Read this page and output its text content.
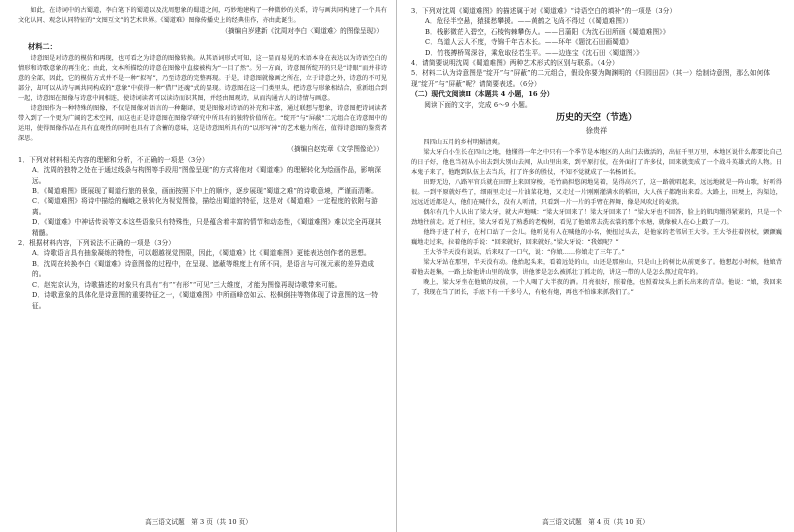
如此，在诗词中的古蜀道，李白笔下的蜀道以及沈周想象的蜀道之间，巧妙地建构了一种微妙的关系，诗与画共同构建了一个具有文化认同、观念认同特征的“文图互文”的艺术世界。《蜀道难》图像传播史上的经典佳作，亦由此诞生。

（摘编自岁建新《沈周对李白〈蜀道难〉的图像呈现》）

材料二：

诗意图是对诗意的模仿和再现，也可看之为诗意的图像转换。从其语词形式可知，这一显而易见的术语本身在表达以为诗语空白的情形和诗歌意象的再生化；由此，文本所描绘的诗意在图像中直接被构为“一目了然”。另一方面，诗意图所绽开的只是“诗眼”而并非诗意的全部，因此，它的模仿方式并不是一种“拟写”，乃至诗意的完整再现。于是，诗意图就像画之所在，立于诗意之外，诗意的不可见部分，却可以从诗与画共同构成的“意象”中获得一种“借尸还魂”式的显现。诗意图在这一门类里头，把诗意与形象相结合，重新组合到一起，诗意图在图像与诗意中间相连，使诗词读者可以读诗而识其图，并经由图观诗，从而沟通古人的诗情与画意。

诗意图作为一种特殊的图像，不仅是图像对语言的一种翻译，更是图像对诗语的补充和丰富，通过联想与想象，诗意图把诗词读者带入到了一个更为广阔的艺术空间，而这也正是诗意图在图像学研究中所具有的独特价值所在。“绽开”与“屏蔽”二元组合在诗意图中的运用，使得图像作品在具有直观性的同时也具有了含蓄的意味，这是诗意图所具有的“以形写神”的艺术魅力所在，值得诗意图的鉴赏者深思。

（摘编自赵宪章《文学图像论》）

1．下列对材料相关内容的理解和分析，不正确的一项是（3分）

A．沈周的独特之处在于通过线条与构图等手段用“图像呈现”的方式将他对《蜀道难》的理解转化为绘画作品，影响深远。

B．《蜀道难图》既展现了蜀道行旅的景象，画面按照下中上的顺序，逐步展现“蜀道之难”的诗歌意境，严谨而清晰。

C．《蜀道难图》将诗中描绘的巍峨之景转化为视觉图像，描绘出蜀道的特征，这是对《蜀道难》一定程度的依附与游离。

D．《蜀道难》中神话传说等文本这些语象只有特殊性，只是蕴含着丰富的情节和动态性，《蜀道难图》难以完全再现其精髓。

2．根据材料内容，下列说法不正确的一项是（3分）

A．诗歌语言具有抽象凝练的特性，可以超越视觉图限，因此，《蜀道难》比《蜀道难图》更能表达创作者的思想。

B．沈周在转换李白《蜀道难》诗意图像的过程中，在呈现、遮蔽等维度上有所不同，是语言与可视元素的差异造成的。

C．赵宪京认为，诗歌描述的对象只有具有“有”“有形”“可见”三大维度，才能为图像再现诗歌带来可能。

D．诗歌意象的具体化是诗意图的重要特征之一，《蜀道难图》中所画峰峦如云、松枫倒挂等物体现了诗意图的这一特征。

高三语文试题　第 3 页（共 10 页）

3．下列对沈周《蜀道难图》的描述属于对《蜀道难》“诗语空白的填补”的一项是（3分）

A．危径半空悬，猿猱愁攀援。——黄鹤之飞尚不得过（《蜀道难图》）

B．栈影微茫入碧空，石棱钩棘攀伤人。——吕蒲阳《为沈石田所画《蜀道难图》》

C．鸟道人云人不度，寺锦千年古木长。——环年《题沈石田画蜀道》

D．竹筏搏桥驾深谷，乘危取径若生平。——边连宝《沈石田〈蜀道图〉》

4．请简要说明沈周《蜀道难图》两种艺术形式的区别与联系。（4分）

5．材料二认为诗意图是“绽开”与“屏蔽”的二元组合，假设你要为陶渊明的《归园田居》（其一）绘制诗意图，那么如何体现“绽开”与“屏蔽”呢？请简要表述。（6分）

（二）现代文阅读Ⅱ（本题共 4 小题，16 分）

阅读下面的文字，完成 6～9 小题。

历史的天空（节选）

徐贵祥

四四山五月的乡村明媚清爽。

梁大牙白小生长在四山之地，他懂得一年之中只有一个季节是本地区的人出门去做活的，出征千里万里，本地区说什么都要比自己的日子好，他也当初从小出去到大别山去闯，从山里出来，到平原打仗，在外面打了许多仗，回来就变成了一个战斗英雄式的人物。日本鬼子来了，他跑到队伍上去当兵，打了许多的胜仗，不知不觉就成了一名杨团长。

田野无边，八路军官兵就在田野上来回穿梭，毛竹扁担悠闲地晃着，晃得高兴了，这一路就唱起来，远远地就是一阵山歌，好听得很。一到平原就好些了，细雨里走过一片油菜花地，又走过一片刚刚灌满水的稻田，大人孩子都跑出来看。大路上，田埂上，沟渠边，远远近近都是人，他们在喊什么，没有人听清，只看到一片一片的手臂在挥舞，像是风吹过的麦浪。

偶尔有几个人认出了梁大牙，就大声地喊：“梁大牙回来了！梁大牙回来了！”梁大牙也不回答，脸上的肌肉绷得紧紧的，只是一个劲地往前走。近了村庄，梁大牙看见了熟悉的老槐树，看见了他娘常去洗衣裳的那个水塘，就像被人在心上戳了一刀。

他终于进了村子，在村口站了一会儿。他听见有人在喊他的小名，便扭过头去，是他家的老邻居王大爷。王大爷拄着拐杖，颤颤巍巍地走过来，拉着他的手说：“回来就好，回来就好。”梁大牙说：“我娘呢？”

王大爷半天没有说话，后来叹了一口气，说：“你娘……你娘走了三年了。”

梁大牙站在那里，半天没有动。他抬起头来，看着远处的山，山还是那座山，只是山上的树比从前更多了。他想起小时候，他娘背着他去赶集，一路上给他讲山里的故事，讲他爹是怎么被抓壮丁抓走的，讲这一带的人是怎么熬过荒年的。

晚上，梁大牙坐在他娘的坟前，一个人喝了大半夜的酒。月亮很好，照着他，也照着坟头上新长出来的青草。他说：“娘，我回来了，我现在当了团长，手底下有一千多号人，有枪有炮，再也不怕谁来抓我们了。”

高三语文试题　第 4 页（共 10 页）
